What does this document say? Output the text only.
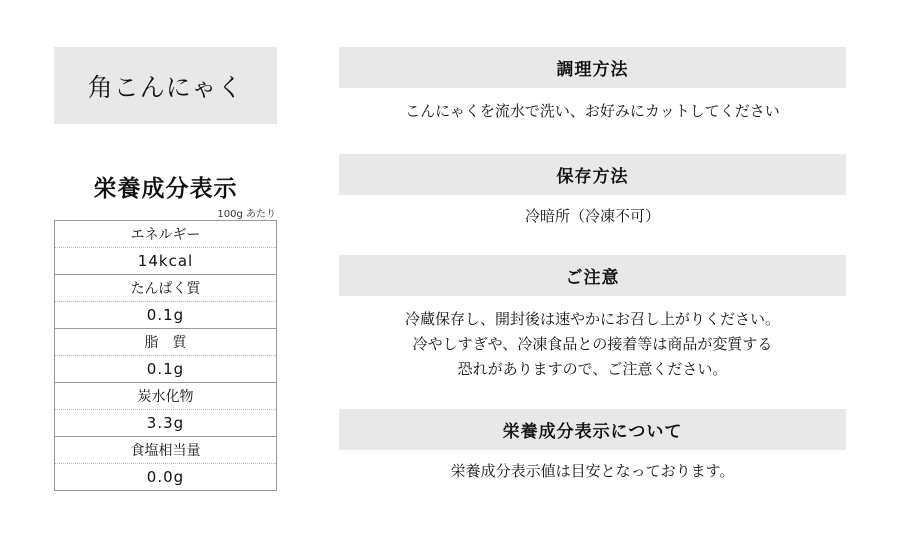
角こんにゃく
栄養成分表示
100g あたり
エネルギー
14kcal
たんぱく質
0.1g
脂　質
0.1g
炭水化物
3.3g
食塩相当量
0.0g
調理方法
こんにゃくを流水で洗い、お好みにカットしてください
保存方法
冷暗所（冷凍不可）
ご注意
冷蔵保存し、開封後は速やかにお召し上がりください。
冷やしすぎや、冷凍食品との接着等は商品が変質する
恐れがありますので、ご注意ください。
栄養成分表示について
栄養成分表示値は目安となっております。
